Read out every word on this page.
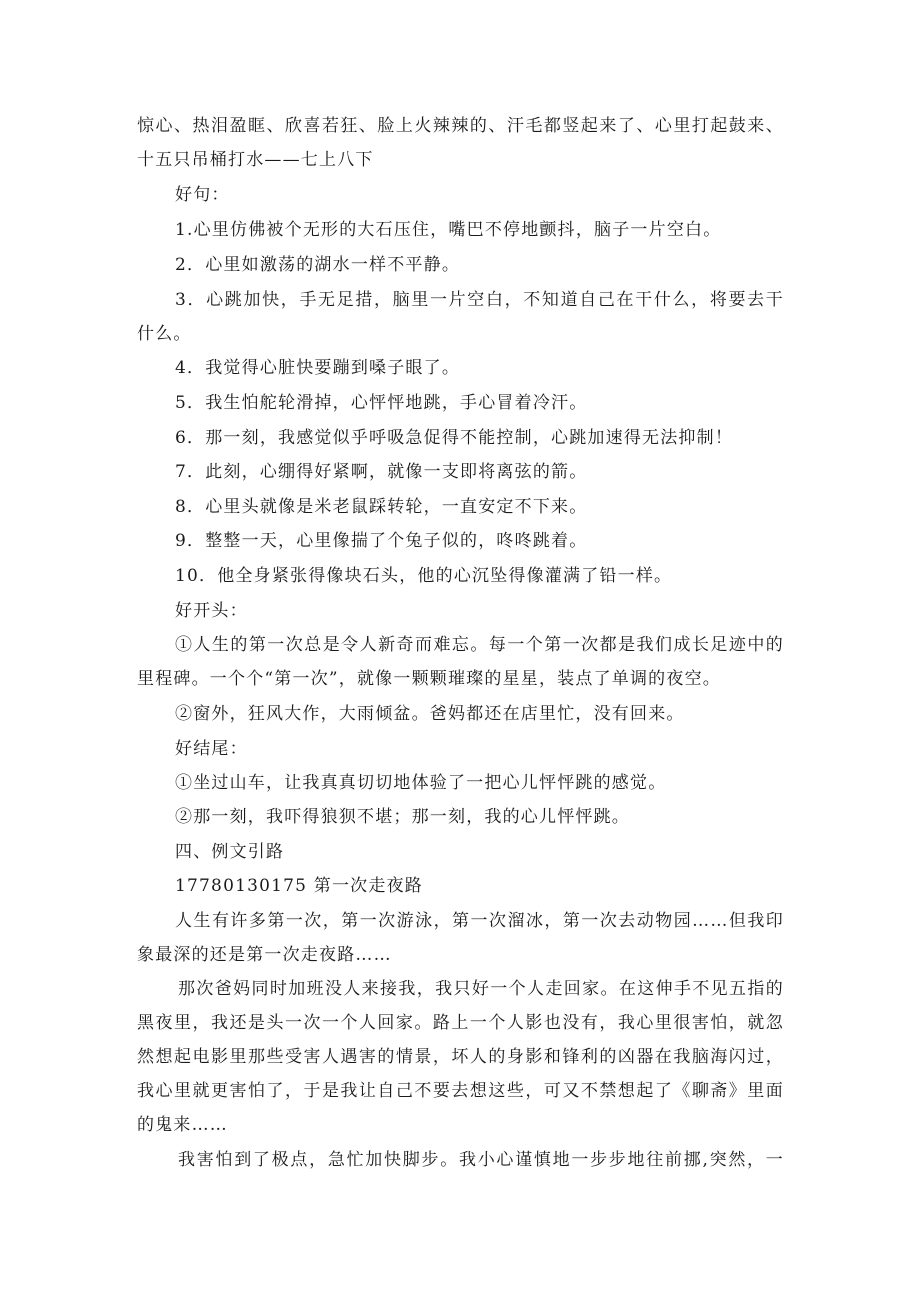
惊心、热泪盈眶、欣喜若狂、脸上火辣辣的、汗毛都竖起来了、心里打起鼓来、
十五只吊桶打水——七上八下
好句：
1.心里仿佛被个无形的大石压住，嘴巴不停地颤抖，脑子一片空白。
2．心里如激荡的湖水一样不平静。
3．心跳加快，手无足措，脑里一片空白，不知道自己在干什么，将要去干
什么。
4．我觉得心脏快要蹦到嗓子眼了。
5．我生怕舵轮滑掉，心怦怦地跳，手心冒着冷汗。
6．那一刻，我感觉似乎呼吸急促得不能控制，心跳加速得无法抑制！
7．此刻，心绷得好紧啊，就像一支即将离弦的箭。
8．心里头就像是米老鼠踩转轮，一直安定不下来。
9．整整一天，心里像揣了个兔子似的，咚咚跳着。
10．他全身紧张得像块石头，他的心沉坠得像灌满了铅一样。
好开头：
①人生的第一次总是令人新奇而难忘。每一个第一次都是我们成长足迹中的
里程碑。一个个“第一次”，就像一颗颗璀璨的星星，装点了单调的夜空。
②窗外，狂风大作，大雨倾盆。爸妈都还在店里忙，没有回来。
好结尾：
①坐过山车，让我真真切切地体验了一把心儿怦怦跳的感觉。
②那一刻，我吓得狼狈不堪；那一刻，我的心儿怦怦跳。
四、例文引路
17780130175 第一次走夜路
人生有许多第一次，第一次游泳，第一次溜冰，第一次去动物园……但我印
象最深的还是第一次走夜路……
那次爸妈同时加班没人来接我，我只好一个人走回家。在这伸手不见五指的
黑夜里，我还是头一次一个人回家。路上一个人影也没有，我心里很害怕，就忽
然想起电影里那些受害人遇害的情景，坏人的身影和锋利的凶器在我脑海闪过，
我心里就更害怕了，于是我让自己不要去想这些，可又不禁想起了《聊斋》里面
的鬼来……
我害怕到了极点，急忙加快脚步。我小心谨慎地一步步地往前挪,突然，一
